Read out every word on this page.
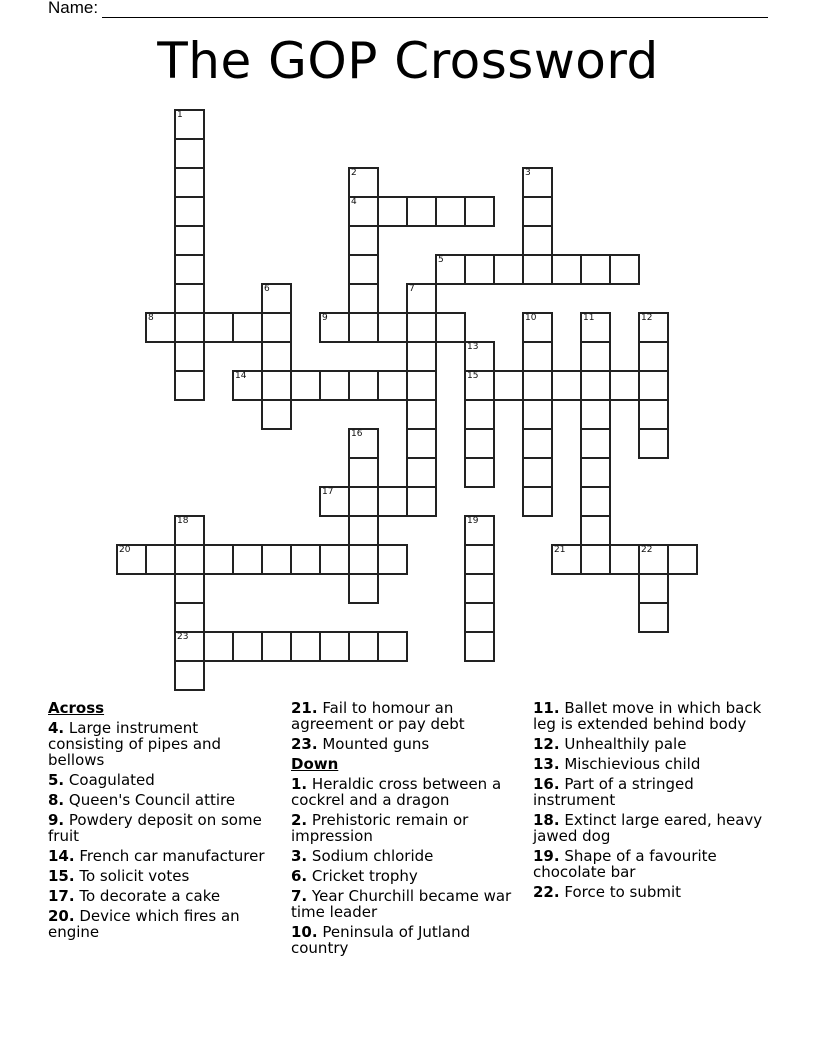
Name:
The GOP Crossword
1
2
4
3
5
6	7
8	9	10	11	12
13
15
14
16
17
18
23
19
20	21	22
Across
4. Large instrument consisting of pipes and bellows
5. Coagulated
8. Queen's Council attire
9. Powdery deposit on some fruit
14. French car manufacturer
15. To solicit votes
17. To decorate a cake
20. Device which fires an engine
21. Fail to homour an agreement or pay debt
23. Mounted guns
Down
1. Heraldic cross between a cockrel and a dragon
2. Prehistoric remain or impression
3. Sodium chloride
6. Cricket trophy
7. Year Churchill became war time leader
10. Peninsula of Jutland country
11. Ballet move in which back leg is extended behind body
12. Unhealthily pale
13. Mischievious child
16. Part of a stringed instrument
18. Extinct large eared, heavy jawed dog
19. Shape of a favourite chocolate bar
22. Force to submit
